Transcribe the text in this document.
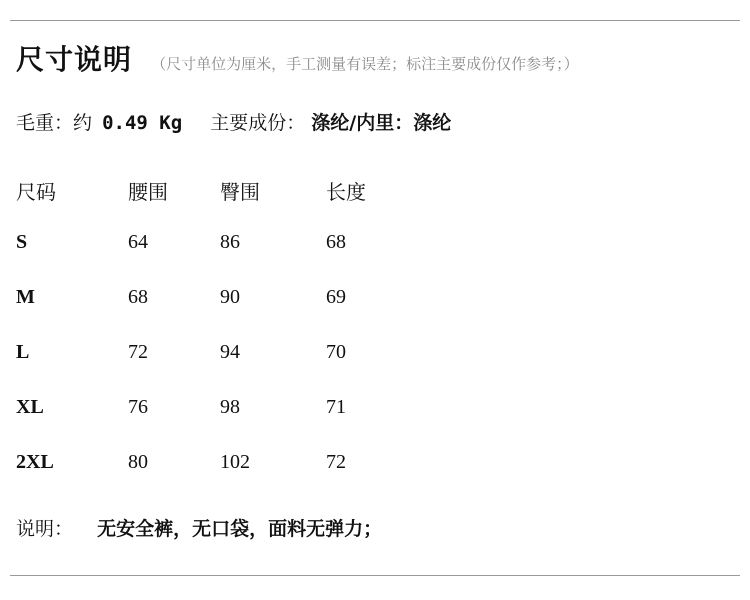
尺寸说明 （尺寸单位为厘米，手工测量有误差；标注主要成份仅作参考；）
毛重：约 0.49 Kg 主要成份： 涤纶/内里：涤纶
尺码	腰围	臀围	长度
S	64	86	68
M	68	90	69
L	72	94	70
XL	76	98	71
2XL	80	102	72
说明： 无安全裤，无口袋，面料无弹力；
